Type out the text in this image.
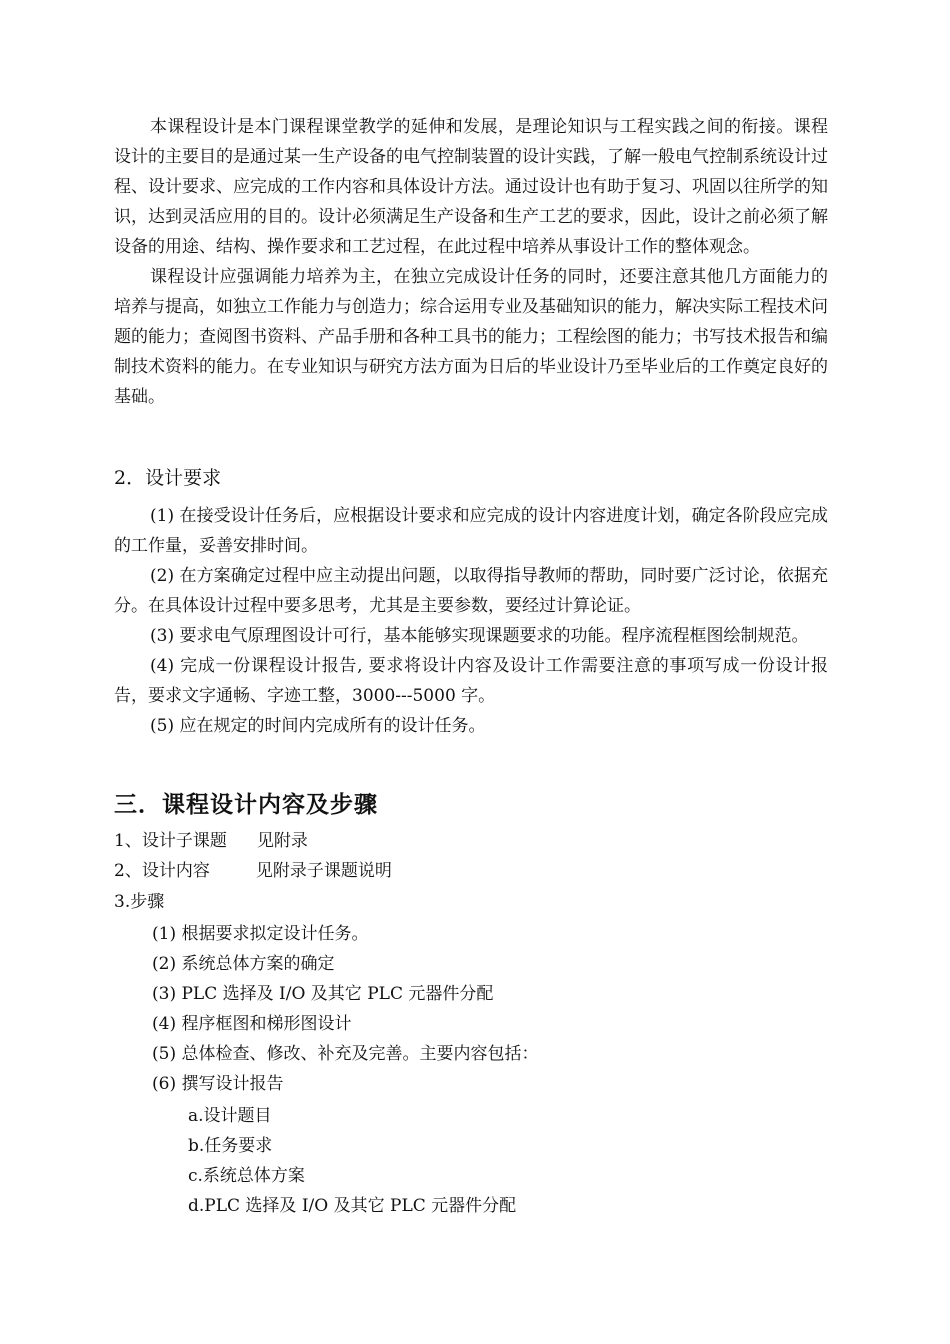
本课程设计是本门课程课堂教学的延伸和发展，是理论知识与工程实践之间的衔接。课程设计的主要目的是通过某一生产设备的电气控制装置的设计实践，了解一般电气控制系统设计过程、设计要求、应完成的工作内容和具体设计方法。通过设计也有助于复习、巩固以往所学的知识，达到灵活应用的目的。设计必须满足生产设备和生产工艺的要求，因此，设计之前必须了解设备的用途、结构、操作要求和工艺过程，在此过程中培养从事设计工作的整体观念。

课程设计应强调能力培养为主，在独立完成设计任务的同时，还要注意其他几方面能力的培养与提高，如独立工作能力与创造力；综合运用专业及基础知识的能力，解决实际工程技术问题的能力；查阅图书资料、产品手册和各种工具书的能力；工程绘图的能力；书写技术报告和编制技术资料的能力。在专业知识与研究方法方面为日后的毕业设计乃至毕业后的工作奠定良好的基础。

2．设计要求

(1) 在接受设计任务后，应根据设计要求和应完成的设计内容进度计划，确定各阶段应完成的工作量，妥善安排时间。

(2) 在方案确定过程中应主动提出问题，以取得指导教师的帮助，同时要广泛讨论，依据充分。在具体设计过程中要多思考，尤其是主要参数，要经过计算论证。

(3) 要求电气原理图设计可行，基本能够实现课题要求的功能。程序流程框图绘制规范。

(4) 完成一份课程设计报告, 要求将设计内容及设计工作需要注意的事项写成一份设计报告，要求文字通畅、字迹工整，3000---5000 字。

(5) 应在规定的时间内完成所有的设计任务。

三．课程设计内容及步骤
1、设计子课题 见附录
2、设计内容	见附录子课题说明
3.步骤
(1) 根据要求拟定设计任务。
(2) 系统总体方案的确定
(3) PLC 选择及 I/O 及其它 PLC 元器件分配
(4) 程序框图和梯形图设计
(5) 总体检查、修改、补充及完善。主要内容包括：
(6) 撰写设计报告
a.设计题目
b.任务要求
c.系统总体方案
d.PLC 选择及 I/O 及其它 PLC 元器件分配
